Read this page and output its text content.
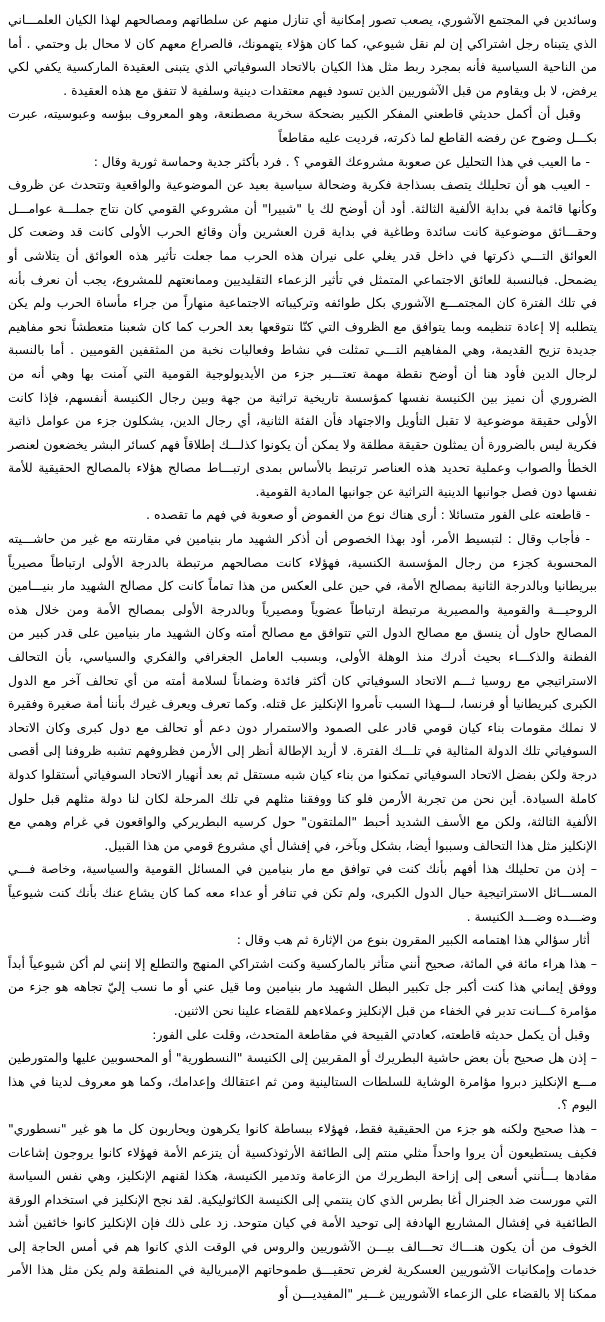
وسائدين في المجتمع الآشوري، يصعب تصور إمكانية أي تنازل منهم عن سلطاتهم ومصالحهم لهذا الكيان العلمـــاني الذي يتبناه رجل اشتراكي إن لم نقل شيوعي، كما كان هؤلاء يتهمونك، فالصراع معهم كان لا محال بل وحتمي . أما من الناحية السياسية فأنه بمجرد ربط مثل هذا الكيان بالاتحاد السوفياتي الذي يتبنى العقيدة الماركسية يكفي لكي يرفض، لا بل ويقاوم من قبل الآشوريين الذين تسود فيهم معتقدات دينية وسلفية لا تتفق مع هذه العقيدة .

وقبل أن أكمل حديثي قاطعني المفكر الكبير بضحكة سخرية مصطنعة، وهو المعروف ببؤسه وعبوسيته، عبرت بكـــل وضوح عن رفضه القاطع لما ذكرته، فرديت عليه مقاطعاً

- ما العيب في هذا التحليل عن صعوبة مشروعك القومي ؟ . فرد بأكثر جدية وحماسة ثورية وقال :

- العيب هو أن تحليلك يتصف بسذاجة فكرية وضحالة سياسية بعيد عن الموضوعية والواقعية وتتحدث عن ظروف وكأنها قائمة في بداية الألفية الثالثة. أود أن أوضح لك يا "شبيرا" أن مشروعي القومي كان نتاج جملـــة عوامـــل وحقـــائق موضوعية كانت سائدة وطاغية في بداية قرن العشرين وأن وقائع الحرب الأولى كانت قد وضعت كل العوائق التـــي ذكرتها في داخل قدر يغلي على نيران هذه الحرب مما جعلت تأثير هذه العوائق أن يتلاشى أو يضمحل. فبالنسبة للعائق الاجتماعي المتمثل في تأثير الزعماء التقليديين وممانعتهم للمشروع، يجب أن نعرف بأنه في تلك الفترة كان المجتمـــع الآشوري بكل طوائفه وتركيباته الاجتماعية منهاراً من جراء مأساة الحرب ولم يكن يتطلبه إلا إعادة تنظيمه وبما يتوافق مع الظروف التي كنّا نتوقعها بعد الحرب كما كان شعبنا متعطشاً نحو مفاهيم جديدة تزيح القديمة، وهي المفاهيم التـــي تمثلت في نشاط وفعاليات نخبة من المثقفين القوميين . أما بالنسبة لرجال الدين فأود هنا أن أوضح نقطة مهمة تعتـــبر جزء من الأيديولوجية القومية التي آمنت بها وهي أنه من الضروري أن نميز بين الكنيسة نفسها كمؤسسة تاريخية تراثية من جهة وبين رجال الكنيسة أنفسهم، فإذا كانت الأولى حقيقة موضوعية لا تقبل التأويل والاجتهاد فأن الفئة الثانية، أي رجال الدين، يشكلون جزء من عوامل ذاتية فكرية ليس بالضرورة أن يمثلون حقيقة مطلقة ولا يمكن أن يكونوا كذلـــك إطلاقاً فهم كسائر البشر يخضعون لعنصر الخطأ والصواب وعملية تحديد هذه العناصر ترتبط بالأساس بمدى ارتبـــاط مصالح هؤلاء بالمصالح الحقيقية للأمة نفسها دون فصل جوانبها الدينية التراثية عن جوانبها المادية القومية.

- قاطعته على الفور متسائلا : أرى هناك نوع من الغموض أو صعوبة في فهم ما تقصده .

- فأجاب وقال : لتبسيط الأمر، أود بهذا الخصوص أن أذكر الشهيد مار بنيامين في مقارنته مع غير من حاشـــيته المحسوبة كجزء من رجال المؤسسة الكنسية، فهؤلاء كانت مصالحهم مرتبطة بالدرجة الأولى ارتباطاً مصيرياً ببريطانيا وبالدرجة الثانية بمصالح الأمة، في حين على العكس من هذا تماماً كانت كل مصالح الشهيد مار بنيـــامين الروحيـــة والقومية والمصيرية مرتبطة ارتباطاً عضوياً ومصيرياً وبالدرجة الأولى بمصالح الأمة ومن خلال هذه المصالح حاول أن ينسق مع مصالح الدول التي تتوافق مع مصالح أمته وكان الشهيد مار بنيامين على قدر كبير من الفطنة والذكـــاء بحيث أدرك منذ الوهلة الأولى، وبسبب العامل الجغرافي والفكري والسياسي، بأن التحالف الاستراتيجي مع روسيا ثـــم الاتحاد السوفياتي كان أكثر فائدة وضماناً لسلامة أمته من أي تحالف آخر مع الدول الكبرى كبريطانيا أو فرنسا، لـــهذا السبب تأمروا الإنكليز عل قتله. وكما تعرف ويعرف غيرك بأننا أمة صغيرة وفقيرة لا نملك مقومات بناء كيان قومي قادر على الصمود والاستمرار دون دعم أو تحالف مع دول كبرى وكان الاتحاد السوفياتي تلك الدولة المثالية في تلـــك الفترة. لا أريد الإطالة أنظر إلى الأرمن فظروفهم تشبه ظروفنا إلى أقصى درجة ولكن بفضل الاتحاد السوفياتي تمكنوا من بناء كيان شبه مستقل ثم بعد أنهيار الاتحاد السوفياتي أستقلوا كدولة كاملة السيادة. أين نحن من تجربة الأرمن فلو كنا ووفقنا مثلهم في تلك المرحلة لكان لنا دولة مثلهم قبل حلول الألفية الثالثة، ولكن مع الأسف الشديد أحبط "الملتقون" حول كرسيه البطريركي والواقعون في غرام وهمي مع الإنكليز مثل هذا التحالف وسببوا أيضا، بشكل وبآخر، في إفشال أي مشروع قومي من هذا القبيل.

– إذن من تحليلك هذا أفهم بأنك كنت في توافق مع مار بنيامين في المسائل القومية والسياسية، وخاصة فـــي المســـائل الاستراتيجية حيال الدول الكبرى، ولم تكن في تنافر أو عداء معه كما كان يشاع عنك بأنك كنت شيوعياً وضـــده وضـــد الكنيسة .

أثار سؤالي هذا اهتمامه الكبير المقرون بنوع من الإثارة ثم هب وقال :

– هذا هراء مائة في المائة، صحيح أنني متأثر بالماركسية وكنت اشتراكي المنهج والتطلع إلا إنني لم أكن شيوعياً أبداً ووفق إيماني هذا كنت أكبر جل تكبير البطل الشهيد مار بنيامين وما قيل عني أو ما نسب إليّ تجاهه هو جزء من مؤامرة كـــانت تدبر في الخفاء من قبل الإنكليز وعملاءهم للقضاء علينا نحن الاثنين.

وقبل أن يكمل حديثه قاطعته، كعادتي القبيحة في مقاطعة المتحدث، وقلت على الفور:

– إذن هل صحيح بأن بعض حاشية البطريرك أو المقربين إلى الكنيسة "النسطورية" أو المحسوبين عليها والمتورطين مـــع الإنكليز دبروا مؤامرة الوشاية للسلطات الستالينية ومن ثم اعتقالك وإعدامك، وكما هو معروف لدينا في هذا اليوم ؟.

– هذا صحيح ولكنه هو جزء من الحقيقية فقط، فهؤلاء ببساطة كانوا يكرهون ويحاربون كل ما هو غير "نسطوري" فكيف يستطيعون أن يروا واحداً مثلي منتم إلى الطائفة الأرثوذكسية أن يتزعم الأمة فهؤلاء كانوا يروجون إشاعات مفادها بـــأنني أسعى إلى إزاحة البطريرك من الزعامة وتدمير الكنيسة، هكذا لقنهم الإنكليز، وهي نفس السياسة التي مورست ضد الجنرال أغا بطرس الذي كان ينتمي إلى الكنيسة الكاثوليكية. لقد نجح الإنكليز في استخدام الورقة الطائفية في إفشال المشاريع الهادفة إلى توحيد الأمة في كيان متوحد. زد على ذلك فإن الإنكليز كانوا خائفين أشد الخوف من أن يكون هنـــاك تحـــالف بيـــن الآشوريين والروس في الوقت الذي كانوا هم في أمس الحاجة إلى خدمات وإمكانيات الآشوريين العسكرية لغرض تحقيـــق طموحاتهم الإمبريالية في المنطقة ولم يكن مثل هذا الأمر ممكنا إلا بالقضاء على الزعماء الآشوريين غـــير "المفيديـــن أو
